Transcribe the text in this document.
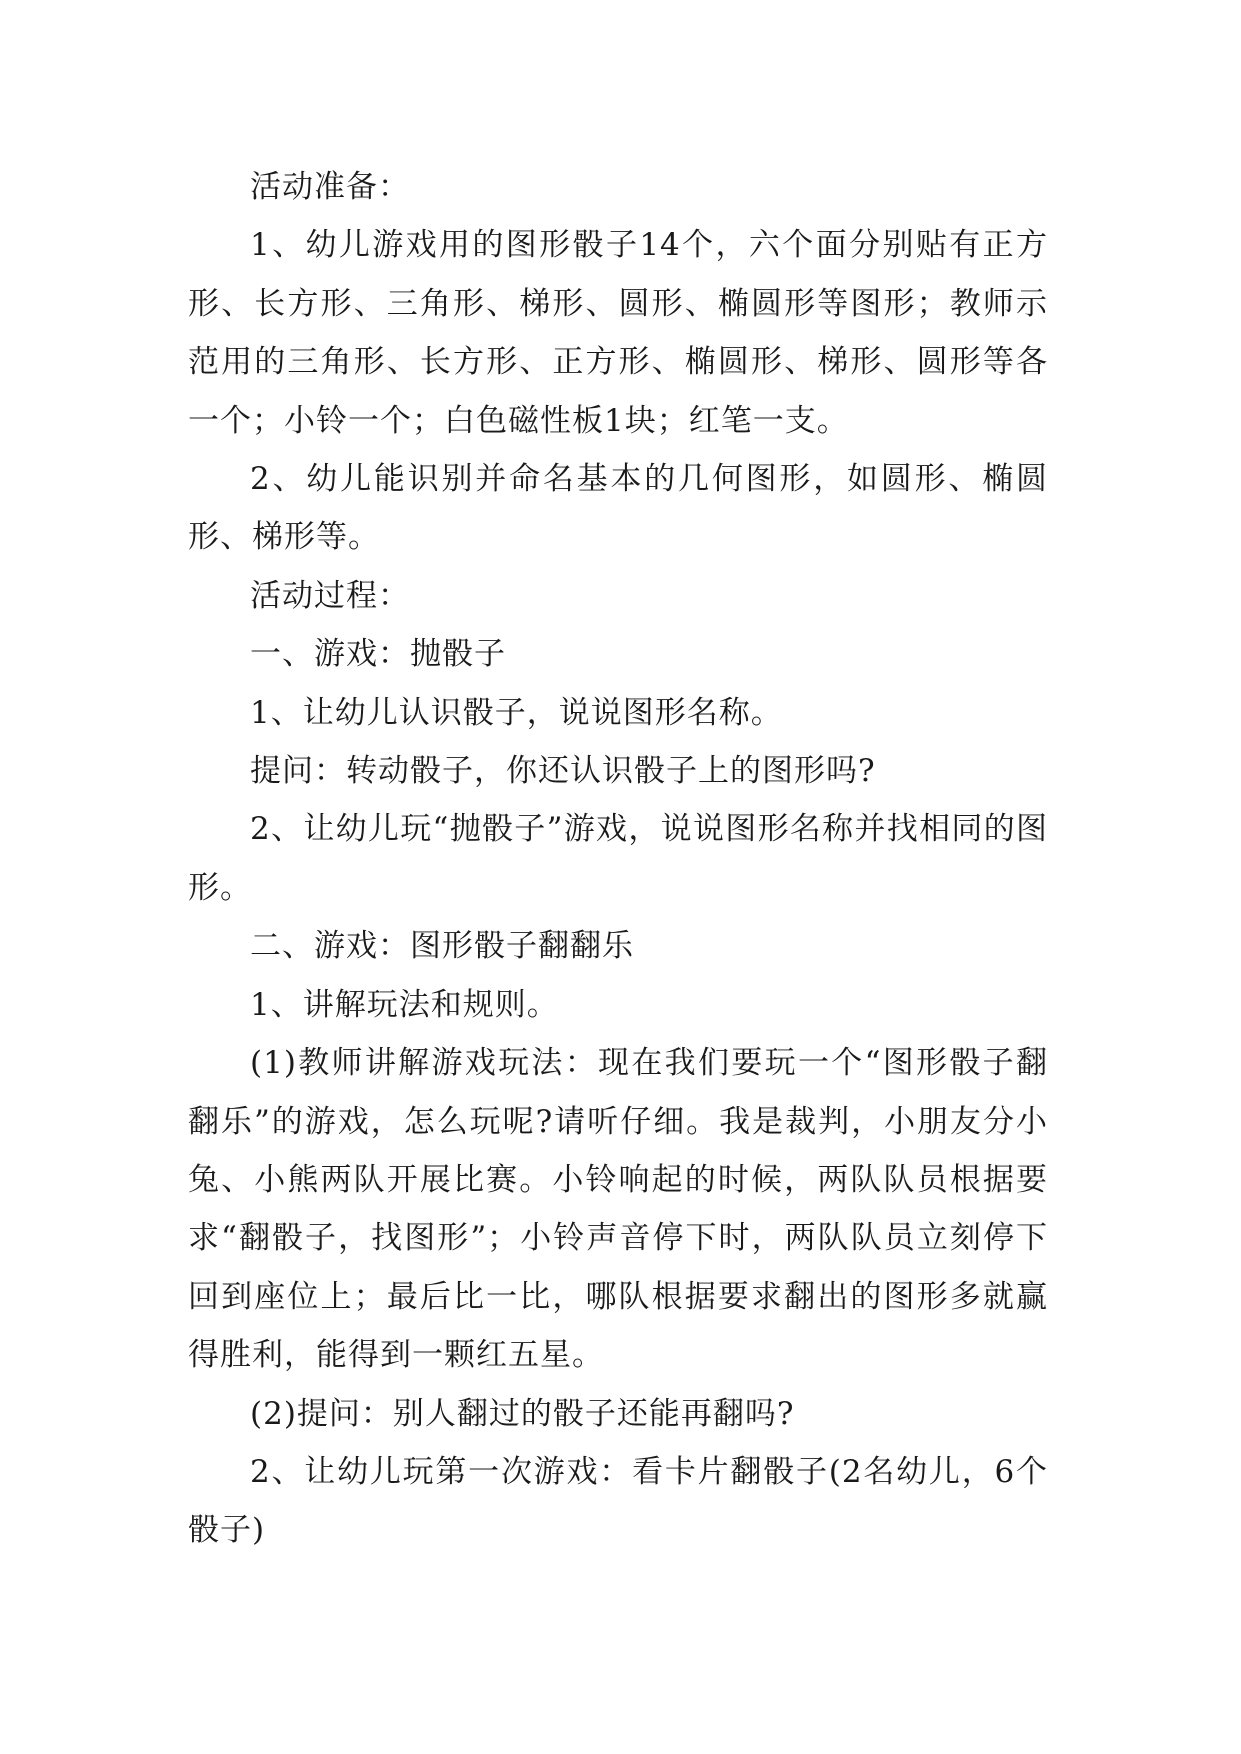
活动准备：

1、幼儿游戏用的图形骰子14个，六个面分别贴有正方形、长方形、三角形、梯形、圆形、椭圆形等图形；教师示范用的三角形、长方形、正方形、椭圆形、梯形、圆形等各一个；小铃一个；白色磁性板1块；红笔一支。

2、幼儿能识别并命名基本的几何图形，如圆形、椭圆形、梯形等。

活动过程：

一、游戏：抛骰子

1、让幼儿认识骰子，说说图形名称。

提问：转动骰子，你还认识骰子上的图形吗?

2、让幼儿玩“抛骰子”游戏，说说图形名称并找相同的图形。

二、游戏：图形骰子翻翻乐

1、讲解玩法和规则。

(1)教师讲解游戏玩法：现在我们要玩一个“图形骰子翻翻乐”的游戏，怎么玩呢?请听仔细。我是裁判，小朋友分小兔、小熊两队开展比赛。小铃响起的时候，两队队员根据要求“翻骰子，找图形”；小铃声音停下时，两队队员立刻停下回到座位上；最后比一比，哪队根据要求翻出的图形多就赢得胜利，能得到一颗红五星。

(2)提问：别人翻过的骰子还能再翻吗?

2、让幼儿玩第一次游戏：看卡片翻骰子(2名幼儿，6个骰子)
